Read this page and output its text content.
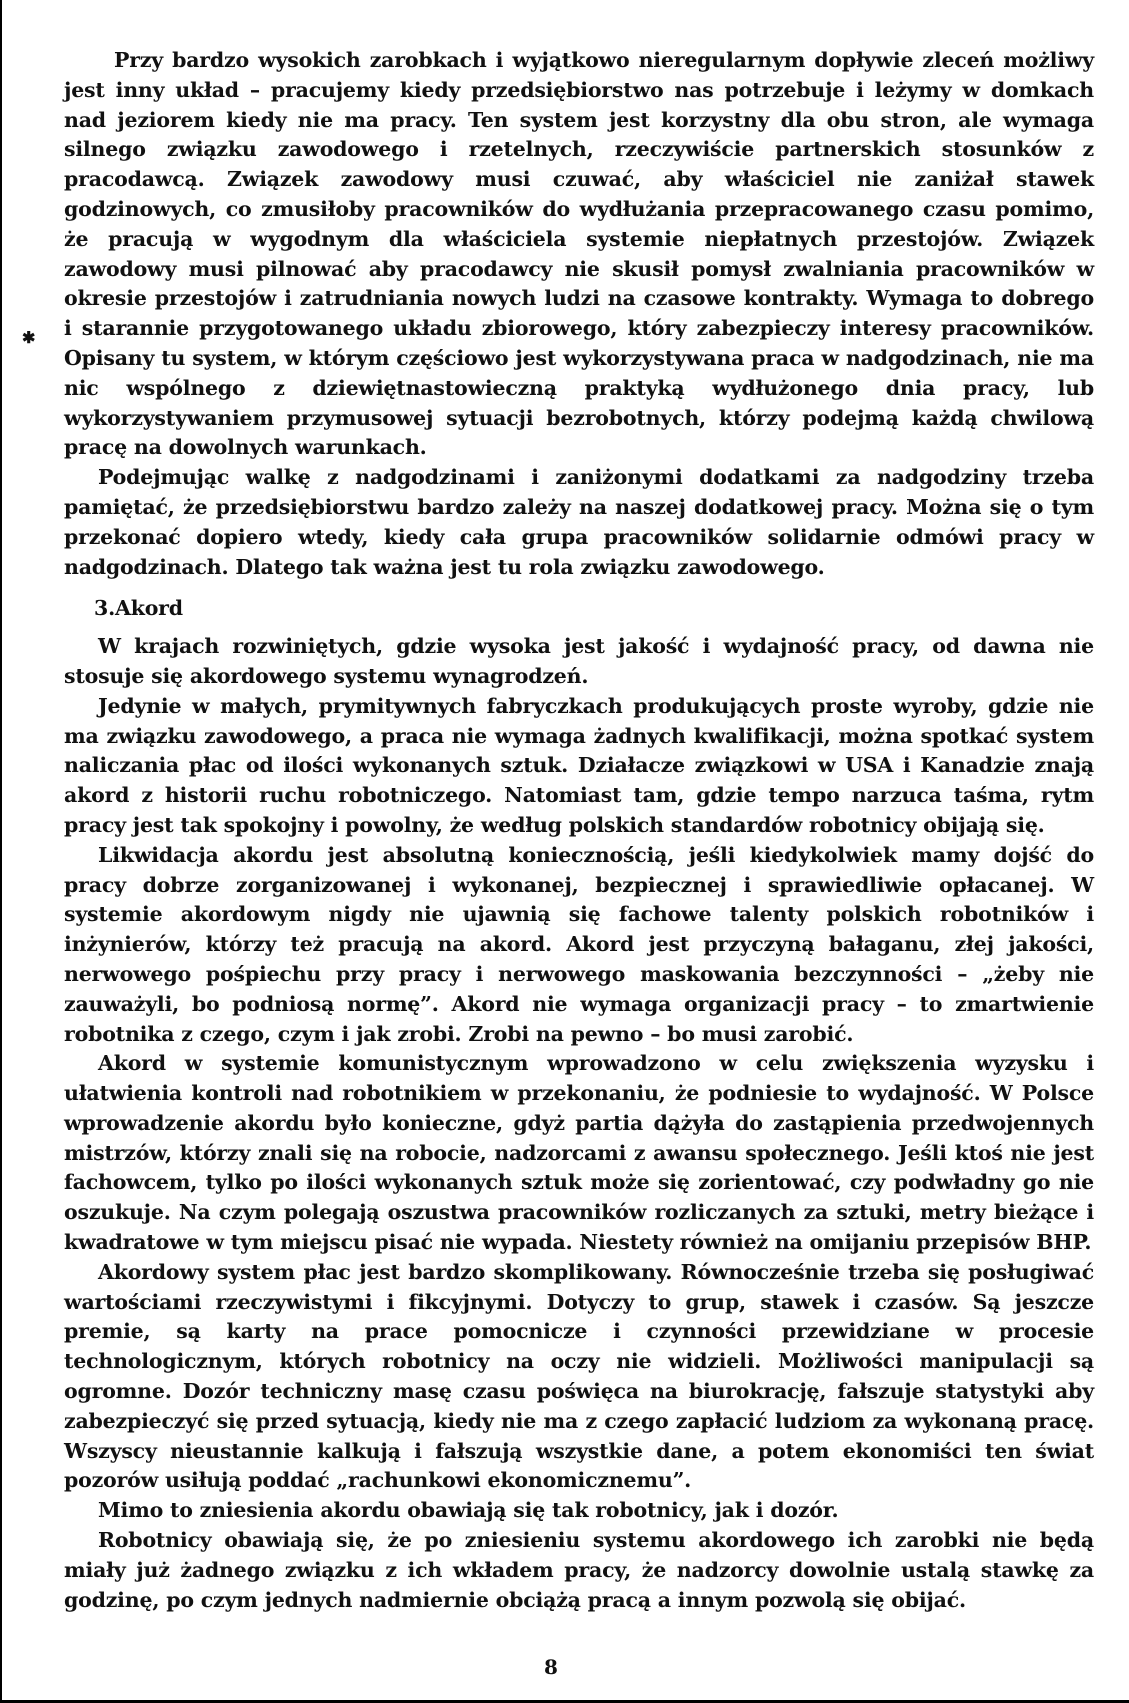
✱

Przy bardzo wysokich zarobkach i wyjątkowo nieregularnym dopływie zleceń możliwy jest inny układ – pracujemy kiedy przedsiębiorstwo nas potrzebuje i leżymy w domkach nad jeziorem kiedy nie ma pracy. Ten system jest korzystny dla obu stron, ale wymaga silnego związku zawodowego i rzetelnych, rzeczywiście partnerskich stosunków z pracodawcą. Związek zawodowy musi czuwać, aby właściciel nie zaniżał stawek godzinowych, co zmusiłoby pracowników do wydłużania przepracowanego czasu pomimo, że pracują w wygodnym dla właściciela systemie niepłatnych przestojów. Związek zawodowy musi pilnować aby pracodawcy nie skusił pomysł zwalniania pracowników w okresie przestojów i zatrudniania nowych ludzi na czasowe kontrakty. Wymaga to dobrego i starannie przygotowanego układu zbiorowego, który zabezpieczy interesy pracowników. Opisany tu system, w którym częściowo jest wykorzystywana praca w nadgodzinach, nie ma nic wspólnego z dziewiętnastowieczną praktyką wydłużonego dnia pracy, lub wykorzystywaniem przymusowej sytuacji bezrobotnych, którzy podejmą każdą chwilową pracę na dowolnych warunkach.

Podejmując walkę z nadgodzinami i zaniżonymi dodatkami za nadgodziny trzeba pamiętać, że przedsiębiorstwu bardzo zależy na naszej dodatkowej pracy. Można się o tym przekonać dopiero wtedy, kiedy cała grupa pracowników solidarnie odmówi pracy w nadgodzinach. Dlatego tak ważna jest tu rola związku zawodowego.

3.Akord

W krajach rozwiniętych, gdzie wysoka jest jakość i wydajność pracy, od dawna nie stosuje się akordowego systemu wynagrodzeń.

Jedynie w małych, prymitywnych fabryczkach produkujących proste wyroby, gdzie nie ma związku zawodowego, a praca nie wymaga żadnych kwalifikacji, można spotkać system naliczania płac od ilości wykonanych sztuk. Działacze związkowi w USA i Kanadzie znają akord z historii ruchu robotniczego. Natomiast tam, gdzie tempo narzuca taśma, rytm pracy jest tak spokojny i powolny, że według polskich standardów robotnicy obijają się.

Likwidacja akordu jest absolutną koniecznością, jeśli kiedykolwiek mamy dojść do pracy dobrze zorganizowanej i wykonanej, bezpiecznej i sprawiedliwie opłacanej. W systemie akordowym nigdy nie ujawnią się fachowe talenty polskich robotników i inżynierów, którzy też pracują na akord. Akord jest przyczyną bałaganu, złej jakości, nerwowego pośpiechu przy pracy i nerwowego maskowania bezczynności – „żeby nie zauważyli, bo podniosą normę”. Akord nie wymaga organizacji pracy – to zmartwienie robotnika z czego, czym i jak zrobi. Zrobi na pewno – bo musi zarobić.

Akord w systemie komunistycznym wprowadzono w celu zwiększenia wyzysku i ułatwienia kontroli nad robotnikiem w przekonaniu, że podniesie to wydajność. W Polsce wprowadzenie akordu było konieczne, gdyż partia dążyła do zastąpienia przedwojennych mistrzów, którzy znali się na robocie, nadzorcami z awansu społecznego. Jeśli ktoś nie jest fachowcem, tylko po ilości wykonanych sztuk może się zorientować, czy podwładny go nie oszukuje. Na czym polegają oszustwa pracowników rozliczanych za sztuki, metry bieżące i kwadratowe w tym miejscu pisać nie wypada. Niestety również na omijaniu przepisów BHP.

Akordowy system płac jest bardzo skomplikowany. Równocześnie trzeba się posługiwać wartościami rzeczywistymi i fikcyjnymi. Dotyczy to grup, stawek i czasów. Są jeszcze premie, są karty na prace pomocnicze i czynności przewidziane w procesie technologicznym, których robotnicy na oczy nie widzieli. Możliwości manipulacji są ogromne. Dozór techniczny masę czasu poświęca na biurokrację, fałszuje statystyki aby zabezpieczyć się przed sytuacją, kiedy nie ma z czego zapłacić ludziom za wykonaną pracę. Wszyscy nieustannie kalkują i fałszują wszystkie dane, a potem ekonomiści ten świat pozorów usiłują poddać „rachunkowi ekonomicznemu”.

Mimo to zniesienia akordu obawiają się tak robotnicy, jak i dozór.

Robotnicy obawiają się, że po zniesieniu systemu akordowego ich zarobki nie będą miały już żadnego związku z ich wkładem pracy, że nadzorcy dowolnie ustalą stawkę za godzinę, po czym jednych nadmiernie obciążą pracą a innym pozwolą się obijać.

8
